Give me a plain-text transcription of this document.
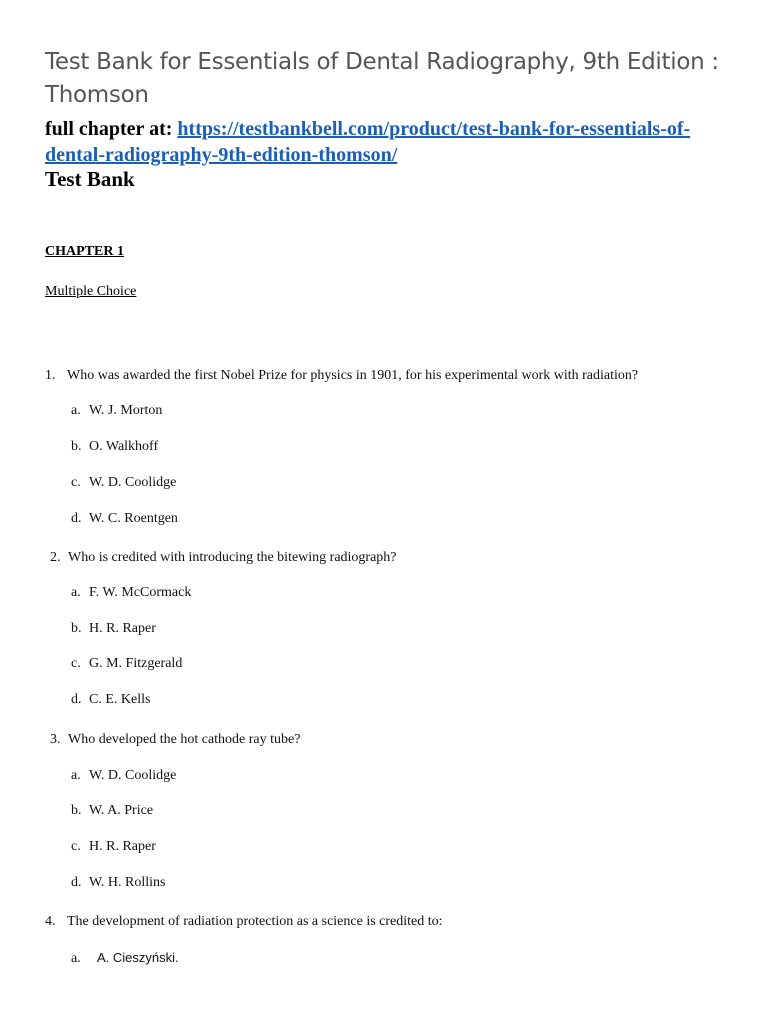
Test Bank for Essentials of Dental Radiography, 9th Edition : Thomson
full chapter at: https://testbankbell.com/product/test-bank-for-essentials-of-dental-radiography-9th-edition-thomson/
Test Bank
CHAPTER 1
Multiple Choice
1. Who was awarded the first Nobel Prize for physics in 1901, for his experimental work with radiation?
a. W. J. Morton
b. O. Walkhoff
c. W. D. Coolidge
d. W. C. Roentgen
2. Who is credited with introducing the bitewing radiograph?
a. F. W. McCormack
b. H. R. Raper
c. G. M. Fitzgerald
d. C. E. Kells
3. Who developed the hot cathode ray tube?
a. W. D. Coolidge
b. W. A. Price
c. H. R. Raper
d. W. H. Rollins
4. The development of radiation protection as a science is credited to:
a. A. Cieszyński.
